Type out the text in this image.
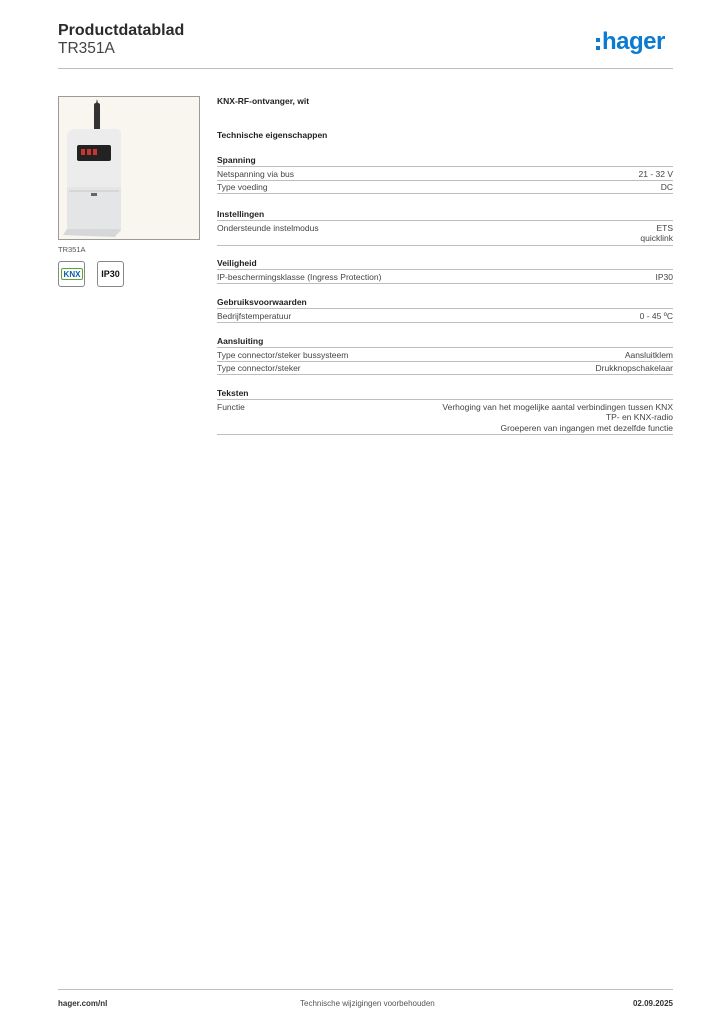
Productdatablad
TR351A	hager
TR351A
KNX	IP30
KNX-RF-ontvanger, wit
Technische eigenschappen
Spanning
Netspanning via bus	21 - 32 V
Type voeding	DC
Instellingen
Ondersteunde instelmodus	ETS
quicklink
Veiligheid
IP-beschermingsklasse (Ingress Protection)	IP30
Gebruiksvoorwaarden
Bedrijfstemperatuur	0 - 45 ºC
Aansluiting
Type connector/steker bussysteem	Aansluitklem
Type connector/steker	Drukknopschakelaar
Teksten
Functie	Verhoging van het mogelijke aantal verbindingen tussen KNX
TP- en KNX-radio
Groeperen van ingangen met dezelfde functie
hager.com/nl	Technische wijzigingen voorbehouden	02.09.2025
